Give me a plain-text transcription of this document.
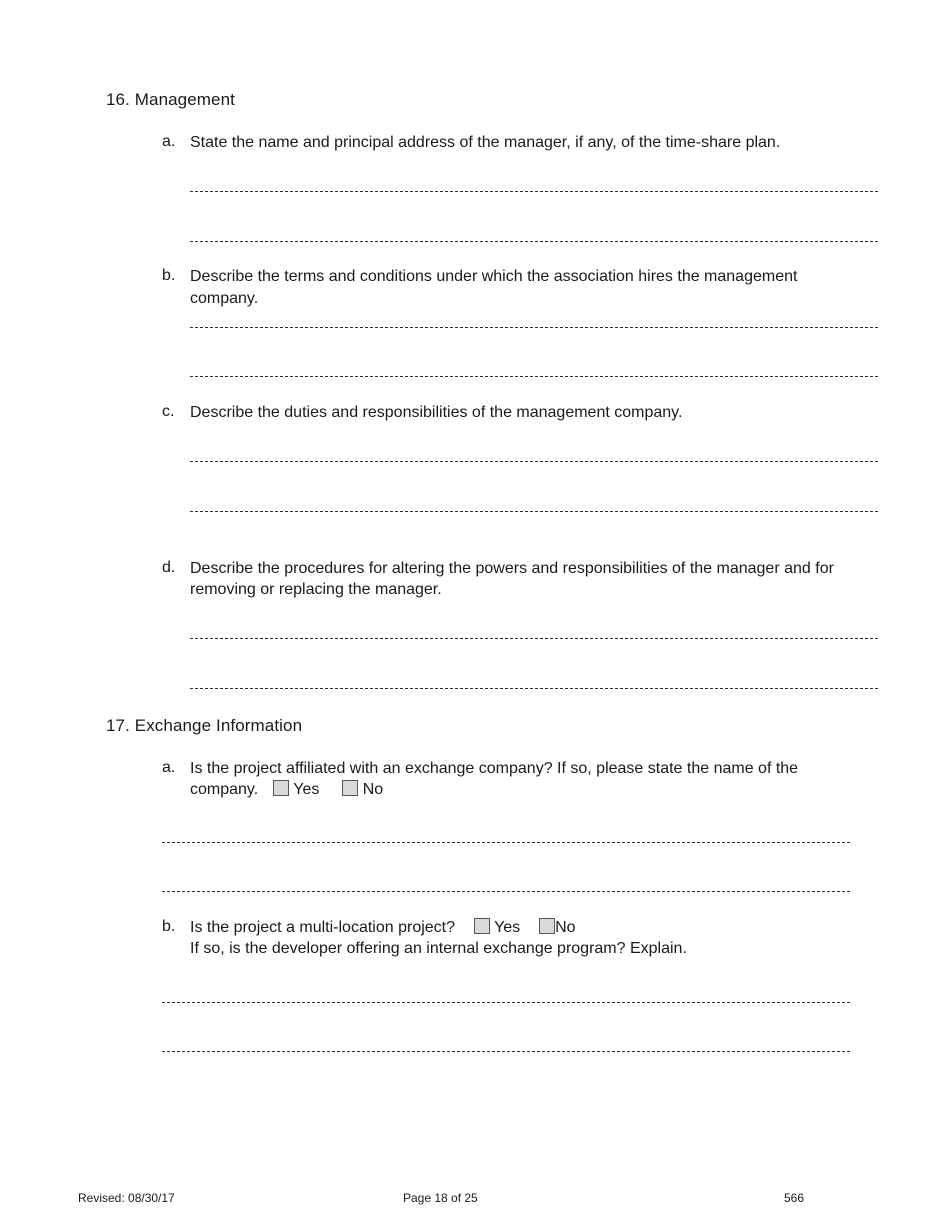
16. Management
a. State the name and principal address of the manager, if any, of the time-share plan.
b. Describe the terms and conditions under which the association hires the management
company.
c. Describe the duties and responsibilities of the management company.
d. Describe the procedures for altering the powers and responsibilities of the manager and for
removing or replacing the manager.
17. Exchange Information
a. Is the project affiliated with an exchange company? If so, please state the name of the
company. Yes	No
b. Is the project a multi-location project? Yes No
If so, is the developer offering an internal exchange program? Explain.
Revised: 08/30/17	Page 18 of 25	566
